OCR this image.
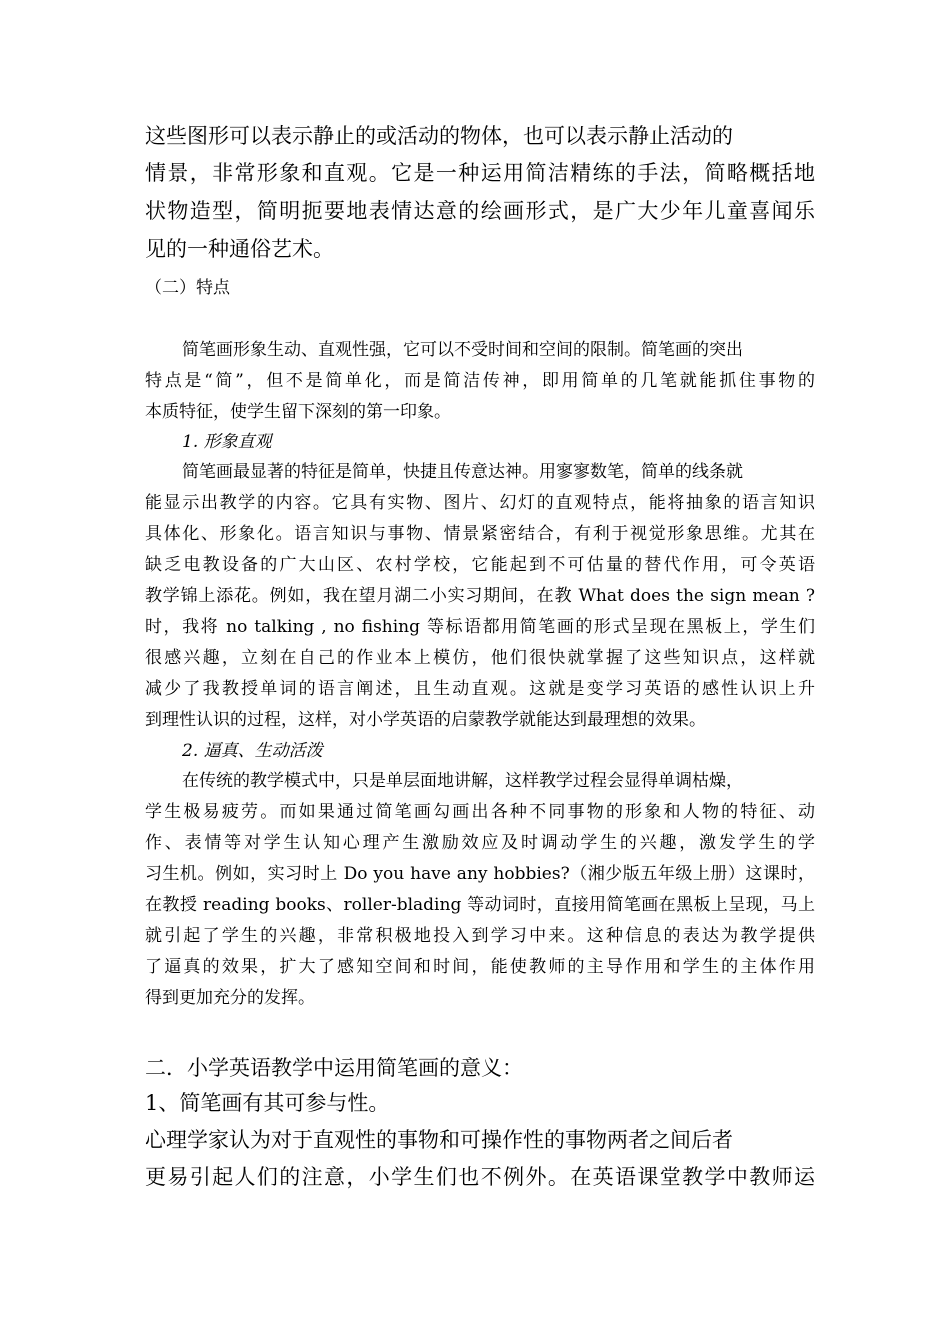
这些图形可以表示静止的或活动的物体，也可以表示静止活动的
情景，非常形象和直观。它是一种运用简洁精练的手法，简略概括地
状物造型，简明扼要地表情达意的绘画形式，是广大少年儿童喜闻乐
见的一种通俗艺术。
（二）特点
简笔画形象生动、直观性强，它可以不受时间和空间的限制。简笔画的突出
特点是“简”，但不是简单化，而是简洁传神，即用简单的几笔就能抓住事物的
本质特征，使学生留下深刻的第一印象。
1. 形象直观
简笔画最显著的特征是简单，快捷且传意达神。用寥寥数笔，简单的线条就
能显示出教学的内容。它具有实物、图片、幻灯的直观特点，能将抽象的语言知识
具体化、形象化。语言知识与事物、情景紧密结合，有利于视觉形象思维。尤其在
缺乏电教设备的广大山区、农村学校，它能起到不可估量的替代作用，可令英语
教学锦上添花。例如，我在望月湖二小实习期间，在教 What does the sign mean ?
时，我将 no talking , no fishing 等标语都用简笔画的形式呈现在黑板上，学生们
很感兴趣，立刻在自己的作业本上模仿，他们很快就掌握了这些知识点，这样就
减少了我教授单词的语言阐述，且生动直观。这就是变学习英语的感性认识上升
到理性认识的过程，这样，对小学英语的启蒙教学就能达到最理想的效果。
2. 逼真、生动活泼
在传统的教学模式中，只是单层面地讲解，这样教学过程会显得单调枯燥，
学生极易疲劳。而如果通过简笔画勾画出各种不同事物的形象和人物的特征、动
作、表情等对学生认知心理产生激励效应及时调动学生的兴趣，激发学生的学
习生机。例如，实习时上 Do you have any hobbies?（湘少版五年级上册）这课时，
在教授 reading books、roller-blading 等动词时，直接用简笔画在黑板上呈现，马上
就引起了学生的兴趣，非常积极地投入到学习中来。这种信息的表达为教学提供
了逼真的效果，扩大了感知空间和时间，能使教师的主导作用和学生的主体作用
得到更加充分的发挥。
二．小学英语教学中运用简笔画的意义：
1、简笔画有其可参与性。
心理学家认为对于直观性的事物和可操作性的事物两者之间后者
更易引起人们的注意，小学生们也不例外。在英语课堂教学中教师运
